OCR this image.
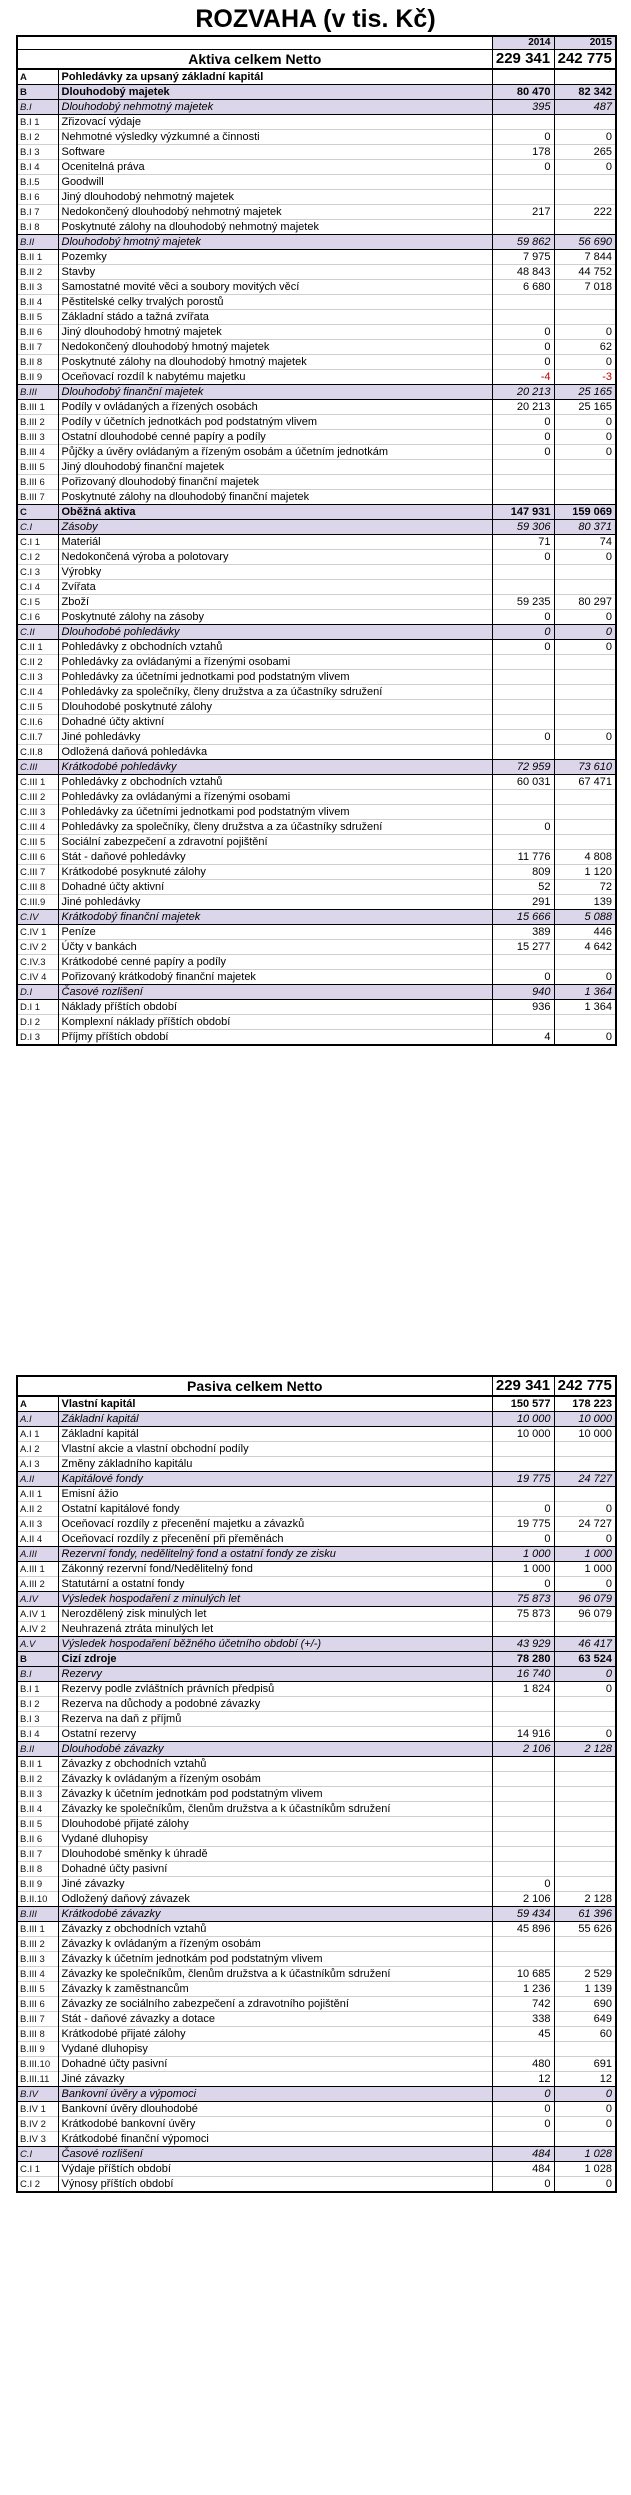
ROZVAHA (v tis. Kč)
		2014	2015
Aktiva celkem Netto		229 341	242 775
A	Pohledávky za upsaný základní kapitál		
B	Dlouhodobý majetek	80 470	82 342
B.I	Dlouhodobý nehmotný majetek	395	487
B.I 1	Zřizovací výdaje		
B.I 2	Nehmotné výsledky výzkumné a činnosti	0	0
B.I 3	Software	178	265
B.I 4	Ocenitelná práva	0	0
B.I.5	Goodwill		
B.I 6	Jiný dlouhodobý nehmotný majetek		
B.I 7	Nedokončený dlouhodobý nehmotný majetek	217	222
B.I 8	Poskytnuté zálohy na dlouhodobý nehmotný majetek		
B.II	Dlouhodobý hmotný majetek	59 862	56 690
B.II 1	Pozemky	7 975	7 844
B.II 2	Stavby	48 843	44 752
B.II 3	Samostatné movité věci a soubory movitých věcí	6 680	7 018
B.II 4	Pěstitelské celky trvalých porostů		
B.II 5	Základní stádo a tažná zvířata		
B.II 6	Jiný dlouhodobý hmotný majetek	0	0
B.II 7	Nedokončený dlouhodobý hmotný majetek	0	62
B.II 8	Poskytnuté zálohy na dlouhodobý hmotný majetek	0	0
B.II 9	Oceňovací rozdíl k nabytému majetku	-4	-3
B.III	Dlouhodobý finanční majetek	20 213	25 165
B.III 1	Podíly v ovládaných a řízených osobách	20 213	25 165
B.III 2	Podíly v účetních jednotkách pod podstatným vlivem	0	0
B.III 3	Ostatní dlouhodobé cenné papíry a podíly	0	0
B.III 4	Půjčky a úvěry ovládaným a řízeným osobám a účetním jednotkám	0	0
B.III 5	Jiný dlouhodobý finanční majetek		
B.III 6	Pořizovaný dlouhodobý finanční majetek		
B.III 7	Poskytnuté zálohy na dlouhodobý finanční majetek		
C	Oběžná aktiva	147 931	159 069
C.I	Zásoby	59 306	80 371
C.I 1	Materiál	71	74
C.I 2	Nedokončená výroba a polotovary	0	0
C.I 3	Výrobky		
C.I 4	Zvířata		
C.I 5	Zboží	59 235	80 297
C.I 6	Poskytnuté zálohy na zásoby	0	0
C.II	Dlouhodobé pohledávky	0	0
C.II 1	Pohledávky z obchodních vztahů	0	0
C.II 2	Pohledávky za ovládanými a řízenými osobami		
C.II 3	Pohledávky za účetními jednotkami pod podstatným vlivem		
C.II 4	Pohledávky za společníky, členy družstva a za účastníky sdružení		
C.II 5	Dlouhodobé poskytnuté zálohy		
C.II.6	Dohadné účty aktivní		
C.II.7	Jiné pohledávky	0	0
C.II.8	Odložená daňová pohledávka		
C.III	Krátkodobé pohledávky	72 959	73 610
C.III 1	Pohledávky z obchodních vztahů	60 031	67 471
C.III 2	Pohledávky za ovládanými a řízenými osobami		
C.III 3	Pohledávky za účetními jednotkami pod podstatným vlivem		
C.III 4	Pohledávky za společníky, členy družstva a za účastníky sdružení	0	
C.III 5	Sociální zabezpečení a zdravotní pojištění		
C.III 6	Stát - daňové pohledávky	11 776	4 808
C.III 7	Krátkodobé posyknuté zálohy	809	1 120
C.III 8	Dohadné účty aktivní	52	72
C.III.9	Jiné pohledávky	291	139
C.IV	Krátkodobý finanční majetek	15 666	5 088
C.IV 1	Peníze	389	446
C.IV 2	Účty v bankách	15 277	4 642
C.IV.3	Krátkodobé cenné papíry a podíly		
C.IV 4	Pořizovaný krátkodobý finanční majetek	0	0
D.I	Časové rozlišení	940	1 364
D.I 1	Náklady příštích období	936	1 364
D.I 2	Komplexní náklady příštích období		
D.I 3	Příjmy příštích období	4	0
Pasiva celkem Netto		229 341	242 775
A	Vlastní kapitál	150 577	178 223
A.I	Základní kapitál	10 000	10 000
A.I 1	Základní kapitál	10 000	10 000
A.I 2	Vlastní akcie a vlastní obchodní podíly		
A.I 3	Změny základního kapitálu		
A.II	Kapitálové fondy	19 775	24 727
A.II 1	Emisní ážio		
A.II 2	Ostatní kapitálové fondy	0	0
A.II 3	Oceňovací rozdíly z přecenění majetku a závazků	19 775	24 727
A.II 4	Oceňovací rozdíly z přecenění při přeměnách	0	0
A.III	Rezervní fondy, nedělitelný fond a ostatní fondy ze zisku	1 000	1 000
A.III 1	Zákonný rezervní fond/Nedělitelný fond	1 000	1 000
A.III 2	Statutární a ostatní fondy	0	0
A.IV	Výsledek hospodaření z minulých let	75 873	96 079
A.IV 1	Nerozdělený zisk minulých let	75 873	96 079
A.IV 2	Neuhrazená ztráta minulých let		
A.V	Výsledek hospodaření běžného účetního období (+/-)	43 929	46 417
B	Cizí zdroje	78 280	63 524
B.I	Rezervy	16 740	0
B.I 1	Rezervy podle zvláštních právních předpisů	1 824	0
B.I 2	Rezerva na důchody a podobné závazky		
B.I 3	Rezerva na daň z příjmů		
B.I 4	Ostatní rezervy	14 916	0
B.II	Dlouhodobé závazky	2 106	2 128
B.II 1	Závazky z obchodních vztahů		
B.II 2	Závazky k ovládaným a řízeným osobám		
B.II 3	Závazky k účetním jednotkám pod podstatným vlivem		
B.II 4	Závazky ke společníkům, členům družstva a k účastníkům sdružení		
B.II 5	Dlouhodobé přijaté zálohy		
B.II 6	Vydané dluhopisy		
B.II 7	Dlouhodobé směnky k úhradě		
B.II 8	Dohadné účty pasivní		
B.II 9	Jiné závazky	0	
B.II.10	Odložený daňový závazek	2 106	2 128
B.III	Krátkodobé závazky	59 434	61 396
B.III 1	Závazky z obchodních vztahů	45 896	55 626
B.III 2	Závazky k ovládaným a řízeným osobám		
B.III 3	Závazky k účetním jednotkám pod podstatným vlivem		
B.III 4	Závazky ke společníkům, členům družstva a k účastníkům sdružení	10 685	2 529
B.III 5	Závazky k zaměstnancům	1 236	1 139
B.III 6	Závazky ze sociálního zabezpečení a zdravotního pojištění	742	690
B.III 7	Stát - daňové závazky a dotace	338	649
B.III 8	Krátkodobé přijaté zálohy	45	60
B.III 9	Vydané dluhopisy		
B.III.10	Dohadné účty pasivní	480	691
B.III.11	Jiné závazky	12	12
B.IV	Bankovní úvěry a výpomoci	0	0
B.IV 1	Bankovní úvěry dlouhodobé	0	0
B.IV 2	Krátkodobé bankovní úvěry	0	0
B.IV 3	Krátkodobé finanční výpomoci		
C.I	Časové rozlišení	484	1 028
C.I 1	Výdaje příštích období	484	1 028
C.I 2	Výnosy příštích období	0	0
